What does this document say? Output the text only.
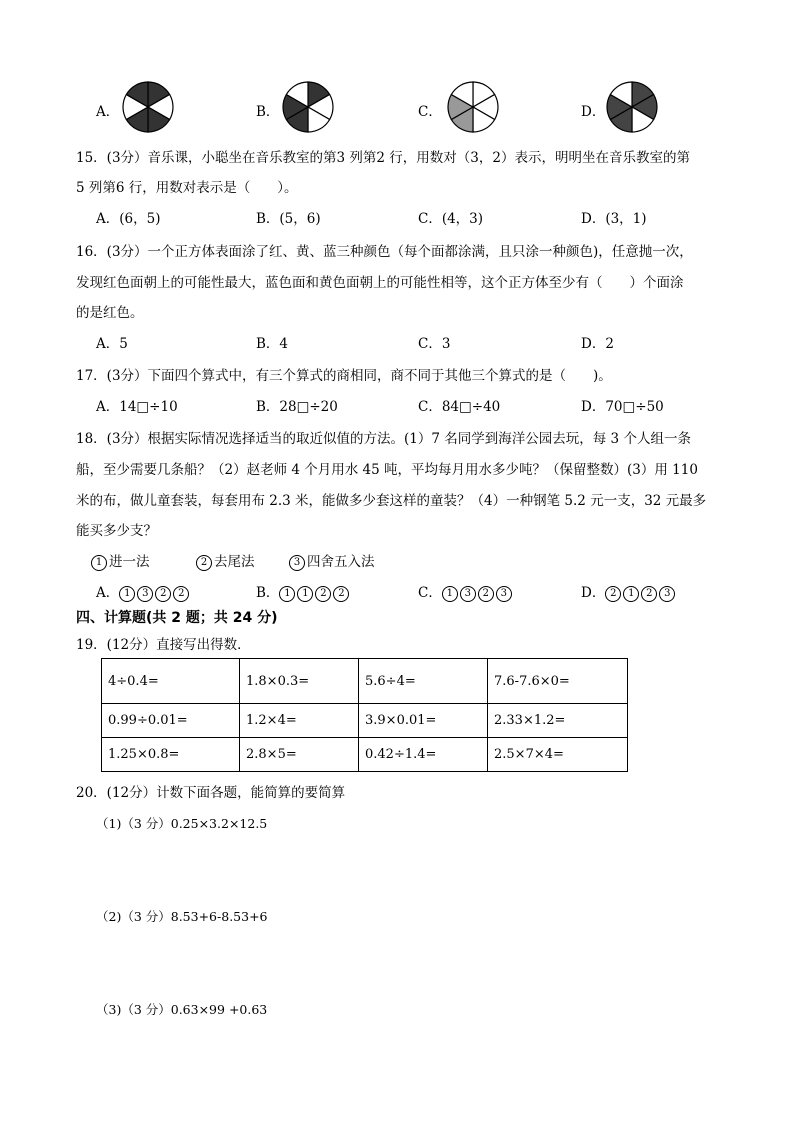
A．	B．	C．	D．
15．(3分）音乐课，小聪坐在音乐教室的第3 列第2 行，用数对（3，2）表示，明明坐在音乐教室的第
5 列第6 行，用数对表示是（　　）。
A．(6，5)	B．(5，6)	C．(4，3)	D．(3，1)
16．(3分）一个正方体表面涂了红、黄、蓝三种颜色（每个面都涂满，且只涂一种颜色)，任意抛一次，
发现红色面朝上的可能性最大，蓝色面和黄色面朝上的可能性相等，这个正方体至少有（　　）个面涂
的是红色。
A．5	B．4	C．3	D．2
17．(3分）下面四个算式中，有三个算式的商相同，商不同于其他三个算式的是（　　)。
A．14□÷10	B．28□÷20	C．84□÷40	D．70□÷50
18．(3分）根据实际情况选择适当的取近似值的方法。(1）7 名同学到海洋公园去玩，每 3 个人组一条
船，至少需要几条船？（2）赵老师 4 个月用水 45 吨，平均每月用水多少吨？（保留整数）(3）用 110
米的布，做儿童套装，每套用布 2.3 米，能做多少套这样的童装？（4）一种钢笔 5.2 元一支，32 元最多
能买多少支？
1 进一法	2 去尾法	3 四舍五入法
A． 1 3 2 2	B． 1 1 2 2	C． 1 3 2 3	D． 2 1 2 3
四、计算题(共 2 题；共 24 分)
19．(12分）直接写出得数．
4÷0.4=	1.8×0.3=	5.6÷4=	7.6-7.6×0=
0.99÷0.01=	1.2×4=	3.9×0.01=	2.33×1.2=
1.25×0.8=	2.8×5=	0.42÷1.4=	2.5×7×4=
20．(12分）计数下面各题，能简算的要简算
（1)（3 分）0.25×3.2×12.5
（2)（3 分）8.53+6-8.53+6
（3)（3 分）0.63×99 +0.63
